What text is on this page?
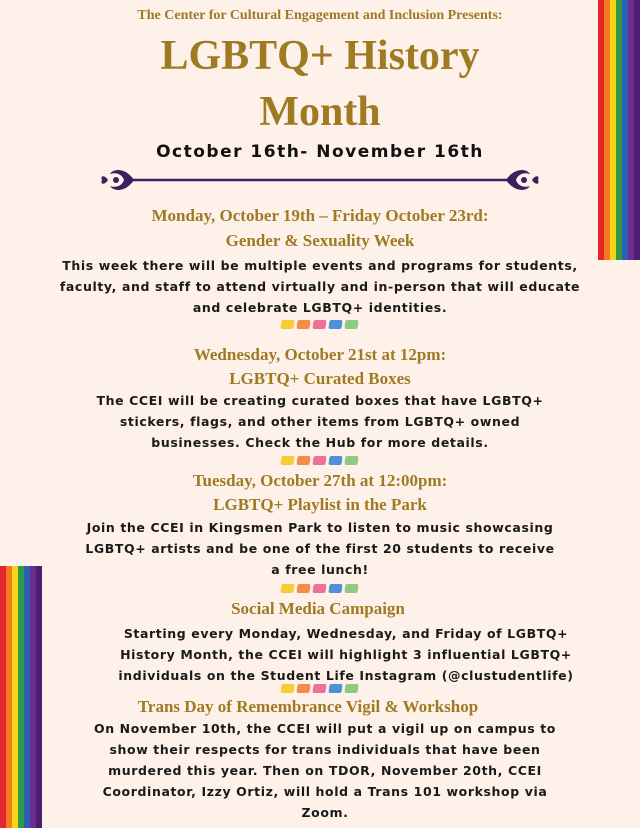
The Center for Cultural Engagement and Inclusion Presents:
LGBTQ+ History
Month
October 16th- November 16th
Monday, October 19th – Friday October 23rd:
Gender & Sexuality Week
This week there will be multiple events and programs for students, faculty, and staff to attend virtually and in-person that will educate and celebrate LGBTQ+ identities.
Wednesday, October 21st at 12pm:
LGBTQ+ Curated Boxes
The CCEI will be creating curated boxes that have LGBTQ+ stickers, flags, and other items from LGBTQ+ owned businesses. Check the Hub for more details.
Tuesday, October 27th at 12:00pm:
LGBTQ+ Playlist in the Park
Join the CCEI in Kingsmen Park to listen to music showcasing LGBTQ+ artists and be one of the first 20 students to receive a free lunch!
Social Media Campaign
Starting every Monday, Wednesday, and Friday of LGBTQ+ History Month, the CCEI will highlight 3 influential LGBTQ+ individuals on the Student Life Instagram (@clustudentlife)
Trans Day of Remembrance Vigil & Workshop
On November 10th, the CCEI will put a vigil up on campus to show their respects for trans individuals that have been murdered this year. Then on TDOR, November 20th, CCEI Coordinator, Izzy Ortiz, will hold a Trans 101 workshop via Zoom.
